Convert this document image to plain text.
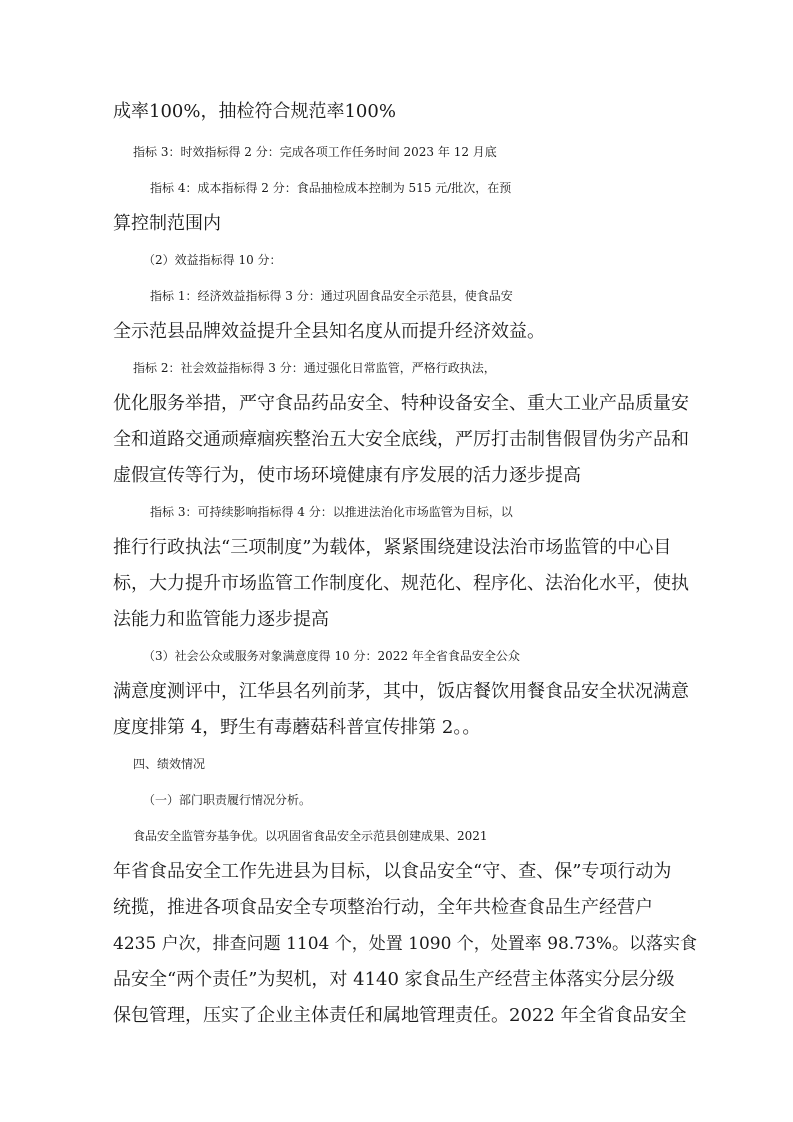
成率100%，抽检符合规范率100%
指标 3：时效指标得 2 分：完成各项工作任务时间 2023 年 12 月底
指标 4：成本指标得 2 分：食品抽检成本控制为 515 元/批次，在预
算控制范围内
（2）效益指标得 10 分：
指标 1：经济效益指标得 3 分：通过巩固食品安全示范县，使食品安
全示范县品牌效益提升全县知名度从而提升经济效益。
指标 2：社会效益指标得 3 分：通过强化日常监管，严格行政执法，
优化服务举措，严守食品药品安全、特种设备安全、重大工业产品质量安
全和道路交通顽瘴痼疾整治五大安全底线，严厉打击制售假冒伪劣产品和
虚假宣传等行为，使市场环境健康有序发展的活力逐步提高
指标 3：可持续影响指标得 4 分：以推进法治化市场监管为目标，以
推行行政执法“三项制度”为载体，紧紧围绕建设法治市场监管的中心目
标，大力提升市场监管工作制度化、规范化、程序化、法治化水平，使执
法能力和监管能力逐步提高
（3）社会公众或服务对象满意度得 10 分：2022 年全省食品安全公众
满意度测评中，江华县名列前茅，其中，饭店餐饮用餐食品安全状况满意
度度排第 4，野生有毒蘑菇科普宣传排第 2。。
四、绩效情况
（一）部门职责履行情况分析。
食品安全监管夯基争优。以巩固省食品安全示范县创建成果、2021
年省食品安全工作先进县为目标，以食品安全“守、查、保”专项行动为
统揽，推进各项食品安全专项整治行动，全年共检查食品生产经营户
4235 户次，排查问题 1104 个，处置 1090 个，处置率 98.73%。以落实食
品安全“两个责任”为契机，对 4140 家食品生产经营主体落实分层分级
保包管理，压实了企业主体责任和属地管理责任。2022 年全省食品安全
